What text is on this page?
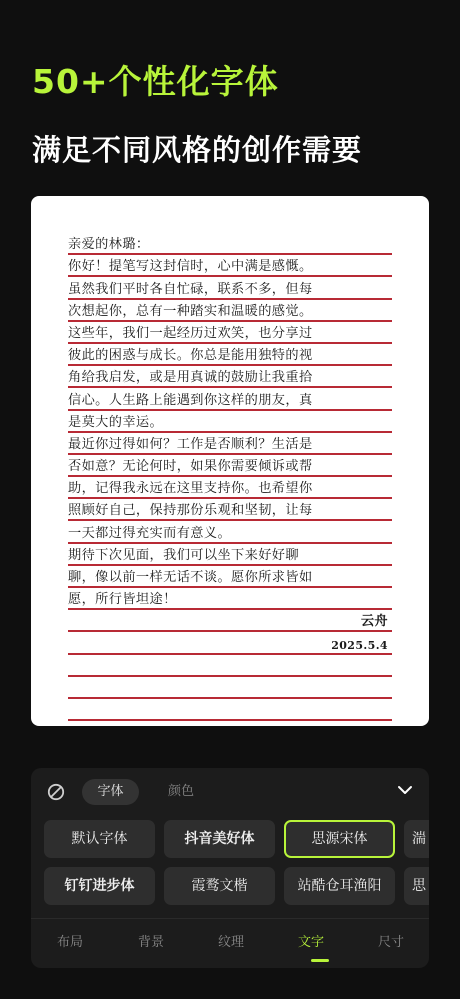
50+个性化字体
满足不同风格的创作需要
亲爱的林璐：
你好！提笔写这封信时，心中满是感慨。
虽然我们平时各自忙碌，联系不多，但每
次想起你，总有一种踏实和温暖的感觉。
这些年，我们一起经历过欢笑，也分享过
彼此的困惑与成长。你总是能用独特的视
角给我启发，或是用真诚的鼓励让我重拾
信心。人生路上能遇到你这样的朋友，真
是莫大的幸运。
最近你过得如何？工作是否顺利？生活是
否如意？无论何时，如果你需要倾诉或帮
助，记得我永远在这里支持你。也希望你
照顾好自己，保持那份乐观和坚韧，让每
一天都过得充实而有意义。
期待下次见面，我们可以坐下来好好聊
聊，像以前一样无话不谈。愿你所求皆如
愿，所行皆坦途！
云舟
2025.5.4
字体	颜色
默认字体	抖音美好体	思源宋体	湍
钉钉进步体	霞鹜文楷	站酷仓耳渔阳	思
布局	背景	纹理	文字	尺寸
